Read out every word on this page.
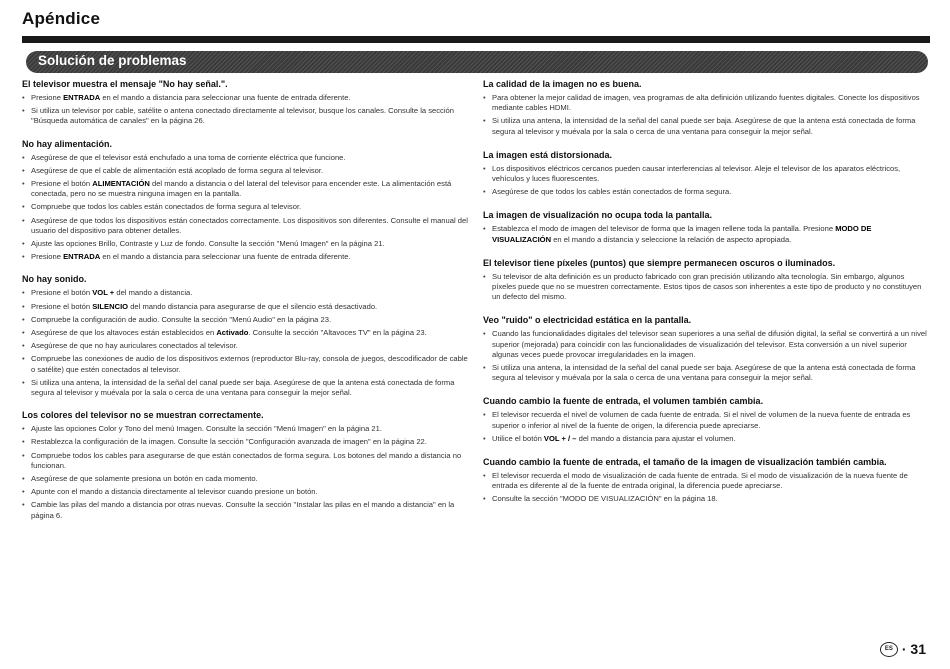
Apéndice
Solución de problemas
El televisor muestra el mensaje "No hay señal.".
• Presione ENTRADA en el mando a distancia para seleccionar una fuente de entrada diferente.
• Si utiliza un televisor por cable, satélite o antena conectado directamente al televisor, busque los canales. Consulte la sección "Búsqueda automática de canales" en la página 26.
No hay alimentación.
• Asegúrese de que el televisor está enchufado a una toma de corriente eléctrica que funcione.
• Asegúrese de que el cable de alimentación está acoplado de forma segura al televisor.
• Presione el botón ALIMENTACIÓN del mando a distancia o del lateral del televisor para encender este. La alimentación está conectada, pero no se muestra ninguna imagen en la pantalla.
• Compruebe que todos los cables están conectados de forma segura al televisor.
• Asegúrese de que todos los dispositivos están conectados correctamente. Los dispositivos son diferentes. Consulte el manual del usuario del dispositivo para obtener detalles.
• Ajuste las opciones Brillo, Contraste y Luz de fondo. Consulte la sección "Menú Imagen" en la página 21.
• Presione ENTRADA en el mando a distancia para seleccionar una fuente de entrada diferente.
No hay sonido.
• Presione el botón VOL + del mando a distancia.
• Presione el botón SILENCIO del mando distancia para asegurarse de que el silencio está desactivado.
• Compruebe la configuración de audio. Consulte la sección "Menú Audio" en la página 23.
• Asegúrese de que los altavoces están establecidos en Activado. Consulte la sección "Altavoces TV" en la página 23.
• Asegúrese de que no hay auriculares conectados al televisor.
• Compruebe las conexiones de audio de los dispositivos externos (reproductor Blu-ray, consola de juegos, descodificador de cable o satélite) que estén conectados al televisor.
• Si utiliza una antena, la intensidad de la señal del canal puede ser baja. Asegúrese de que la antena está conectada de forma segura al televisor y muévala por la sala o cerca de una ventana para conseguir la mejor señal.
Los colores del televisor no se muestran correctamente.
• Ajuste las opciones Color y Tono del menú Imagen. Consulte la sección "Menú Imagen" en la página 21.
• Restablezca la configuración de la imagen. Consulte la sección "Configuración avanzada de imagen" en la página 22.
• Compruebe todos los cables para asegurarse de que están conectados de forma segura. Los botones del mando a distancia no funcionan.
• Asegúrese de que solamente presiona un botón en cada momento.
• Apunte con el mando a distancia directamente al televisor cuando presione un botón.
• Cambie las pilas del mando a distancia por otras nuevas. Consulte la sección "Instalar las pilas en el mando a distancia" en la página 6.
La calidad de la imagen no es buena.
• Para obtener la mejor calidad de imagen, vea programas de alta definición utilizando fuentes digitales. Conecte los dispositivos mediante cables HDMI.
• Si utiliza una antena, la intensidad de la señal del canal puede ser baja. Asegúrese de que la antena está conectada de forma segura al televisor y muévala por la sala o cerca de una ventana para conseguir la mejor señal.
La imagen está distorsionada.
• Los dispositivos eléctricos cercanos pueden causar interferencias al televisor. Aleje el televisor de los aparatos eléctricos, vehículos y luces fluorescentes.
• Asegúrese de que todos los cables están conectados de forma segura.
La imagen de visualización no ocupa toda la pantalla.
• Establezca el modo de imagen del televisor de forma que la imagen rellene toda la pantalla. Presione MODO DE VISUALIZACIÓN en el mando a distancia y seleccione la relación de aspecto apropiada.
El televisor tiene píxeles (puntos) que siempre permanecen oscuros o iluminados.
• Su televisor de alta definición es un producto fabricado con gran precisión utilizando alta tecnología. Sin embargo, algunos píxeles puede que no se muestren correctamente. Estos tipos de casos son inherentes a este tipo de producto y no constituyen un defecto del mismo.
Veo "ruido" o electricidad estática en la pantalla.
• Cuando las funcionalidades digitales del televisor sean superiores a una señal de difusión digital, la señal se convertirá a un nivel superior (mejorada) para coincidir con las funcionalidades de visualización del televisor. Esta conversión a un nivel superior algunas veces puede provocar irregularidades en la imagen.
• Si utiliza una antena, la intensidad de la señal del canal puede ser baja. Asegúrese de que la antena está conectada de forma segura al televisor y muévala por la sala o cerca de una ventana para conseguir la mejor señal.
Cuando cambio la fuente de entrada, el volumen también cambia.
• El televisor recuerda el nivel de volumen de cada fuente de entrada. Si el nivel de volumen de la nueva fuente de entrada es superior o inferior al nivel de la fuente de origen, la diferencia puede apreciarse.
• Utilice el botón VOL + / – del mando a distancia para ajustar el volumen.
Cuando cambio la fuente de entrada, el tamaño de la imagen de visualización también cambia.
• El televisor recuerda el modo de visualización de cada fuente de entrada. Si el modo de visualización de la nueva fuente de entrada es diferente al de la fuente de entrada original, la diferencia puede apreciarse.
• Consulte la sección "MODO DE VISUALIZACIÓN" en la página 18.
ES · 31
